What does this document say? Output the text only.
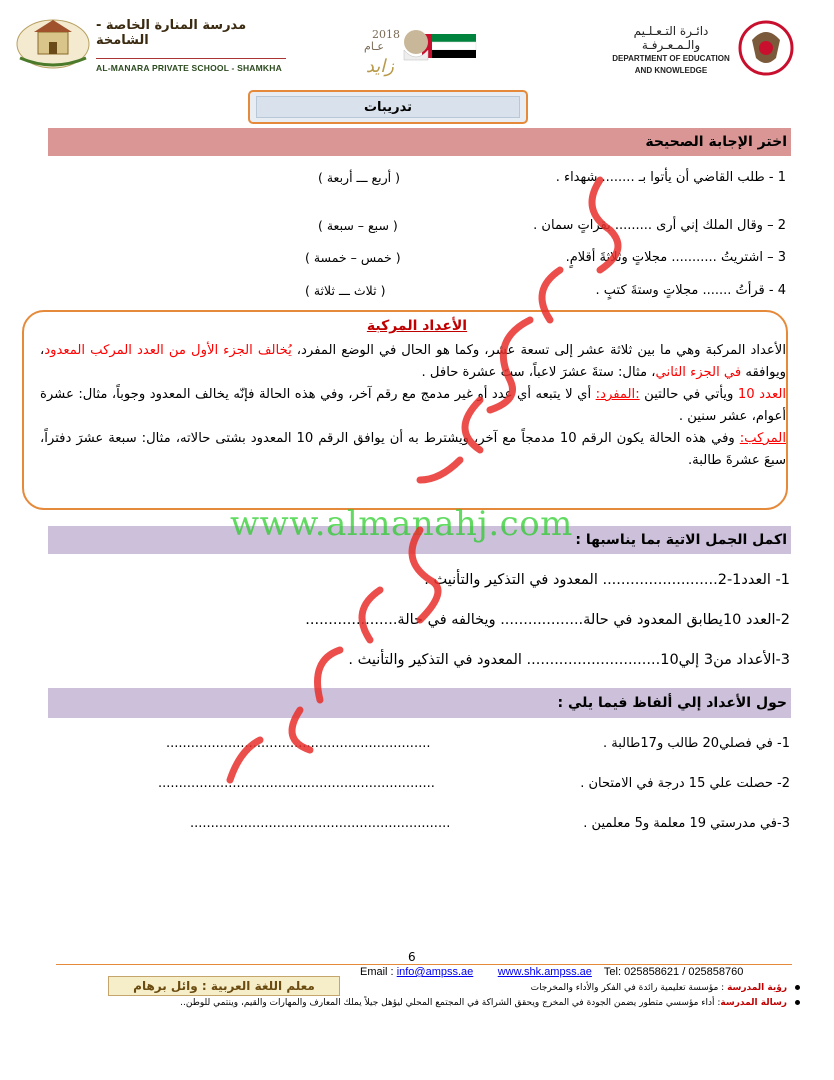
مدرسة المنارة الخاصة - الشامخة
AL-MANARA PRIVATE SCHOOL - SHAMKHA
2018
عـام
زايد
دائـرة التـعـلـيم والـمـعـرفـة
DEPARTMENT OF EDUCATION
AND KNOWLEDGE
تدريبات
اختر الإجابة الصحيحة
1 - طلب القاضي أن يأتوا بـ ........ شهداء .
( أربع ـــ أربعة )
2 – وقال الملك إني أرى ......... بقراتٍ سمان .
( سبع – سبعة )
3 – اشتريتُ ........... مجلاتٍ وثلاثةَ أقلامٍ.
( خمس – خمسة )
4 - قرأتُ ....... مجلاتٍ وستةَ كتبٍ .
( ثلاث ـــ ثلاثة )
الأعداد المركبة
الأعداد المركبة وهي ما بين ثلاثة عشر إلى تسعة عشر، وكما هو الحال في الوضع المفرد، يُخالف الجزء الأول من العدد المركب المعدود، ويوافقه في الجزء الثاني، مثال: ستةَ عشرَ لاعباً، ستَ عشرة حافل .
العدد 10 ويأتي في حالتين :المفرد: أي لا يتبعه أي عدد أو غير مدمج مع رقم آخر، وفي هذه الحالة فإنّه يخالف المعدود وجوباً، مثال: عشرة أعوام، عشر سنين .
المركب: وفي هذه الحالة يكون الرقم 10 مدمجاً مع آخر، ويشترط به أن يوافق الرقم 10 المعدود بشتى حالاته، مثال: سبعة عشرَ دفتراً، سبعَ عشرةَ طالبة.
اكمل الجمل الاتية بما يناسبها :
www.almanahj.com
1- العدد1-2......................... المعدود في التذكير والتأنيث .
2-العدد 10يطابق المعدود في حالة.................. ويخالفه في حالة....................
3-الأعداد من3 إلي10............................. المعدود في التذكير والتأنيث .
حول الأعداد إلي ألفاظ فيما يلي :
1- في فصلي20 طالب و17طالبة .
................................................................
2- حصلت علي 15 درجة في الامتحان .
...................................................................
3-في مدرستي 19 معلمة و5 معلمين .
...............................................................
6
Email : info@ampss.ae www.shk.ampss.ae Tel: 025858621 / 025858760
معلم اللغة العربية : وائل برهام	رؤية المدرسة : مؤسسة تعليمية رائدة في الفكر والأداء والمخرجات
رسالة المدرسة: أداء مؤسسي متطور يضمن الجودة في المخرج ويحقق الشراكة في المجتمع المحلي ليؤهل جيلاً يملك المعارف والمهارات والقيم، وينتمي للوطن..
